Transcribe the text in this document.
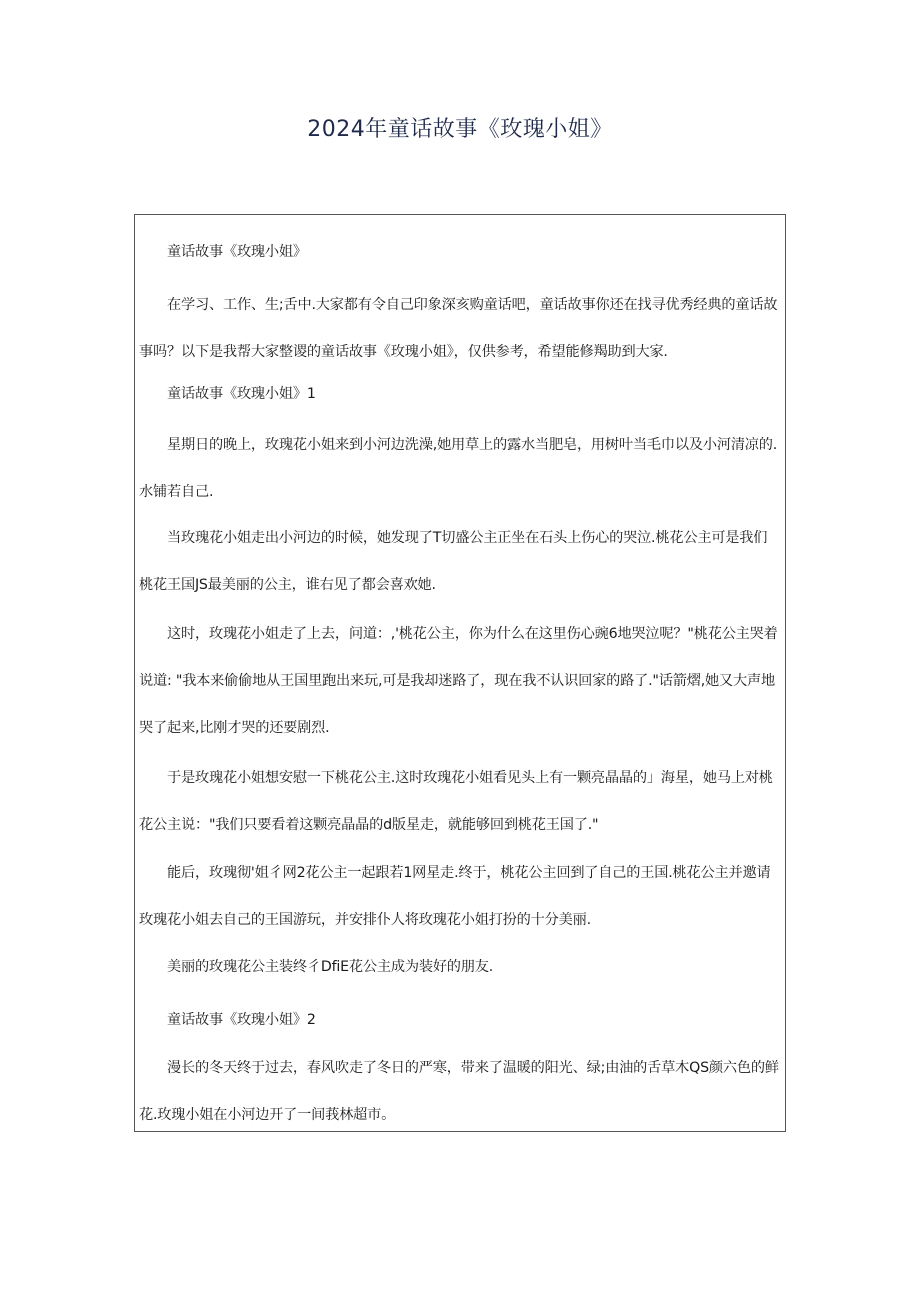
2024年童话故事《玫瑰小姐》
童话故事《玫瑰小姐》
在学习、工作、生;舌中.大家都有令自己印象深亥购童话吧，童话故事你还在找寻优秀经典的童话故事吗？以下是我帮大家整谡的童话故事《玫瑰小姐》，仅供参考，希望能修羯助到大家.
童话故事《玫瑰小姐》1
星期日的晚上，玫瑰花小姐来到小河边洗澡,她用草上的露水当肥皂，用树叶当毛巾以及小河清凉的.水铺若自己.
当玫瑰花小姐走出小河边的时候，她发现了T切盛公主正坐在石头上伤心的哭泣.桃花公主可是我们桃花王国JS最美丽的公主，谁右见了都会喜欢她.
这时，玫瑰花小姐走了上去，问道：,'桃花公主，你为什么在这里伤心豌6地哭泣呢？"桃花公主哭着说道: "我本来偷偷地从王国里跑出来玩,可是我却迷路了，现在我不认识回家的路了."话箭熠,她又大声地哭了起来,比刚才哭的还要剧烈.
于是玫瑰花小姐想安慰一下桃花公主.这时玫瑰花小姐看见头上有一颗亮晶晶的」海星，她马上对桃花公主说："我们只要看着这颗亮晶晶的d版星走，就能够回到桃花王国了."
能后，玫瑰彻'姐彳网2花公主一起跟若1网星走.终于，桃花公主回到了自己的王国.桃花公主并邀请玫瑰花小姐去自己的王国游玩，并安排仆人将玫瑰花小姐打扮的十分美丽.
美丽的玫瑰花公主装终彳DfiE花公主成为装好的朋友.
童话故事《玫瑰小姐》2
漫长的冬天终于过去，春风吹走了冬日的严寒，带来了温暖的阳光、绿;由油的舌草木QS颜六色的鲜花.玫瑰小姐在小河边开了一间莪林超市。
